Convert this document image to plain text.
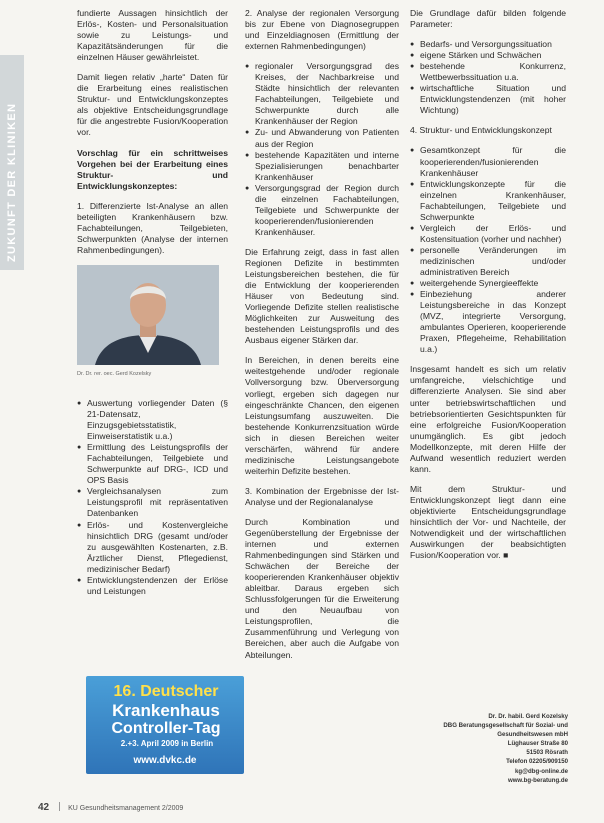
ZUKUNFT DER KLINIKEN

fundierte Aussagen hinsichtlich der Erlös-, Kosten- und Personalsituation sowie zu Leistungs- und Kapazitätsänderungen für die einzelnen Häuser gewährleistet.

Damit liegen relativ „harte“ Daten für die Erarbeitung eines realistischen Struktur- und Entwicklungskonzeptes als objektive Entscheidungsgrundlage für die angestrebte Fusion/Kooperation vor.

Vorschlag für ein schrittweises Vorgehen bei der Erarbeitung eines Struktur- und Entwicklungskonzeptes:

1. Differenzierte Ist-Analyse an allen beteiligten Krankenhäusern bzw. Fachabteilungen, Teilgebieten, Schwerpunkten (Analyse der internen Rahmenbedingungen).

Dr. Dr. rer. oec. Gerd Kozelsky
● Auswertung vorliegender Daten (§ 21-Datensatz, Einzugsgebietsstatistik, Einweiserstatistik u.a.)
● Ermittlung des Leistungsprofils der Fachabteilungen, Teilgebiete und Schwerpunkte auf DRG-, ICD und OPS Basis
● Vergleichsanalysen zum Leistungsprofil mit repräsentativen Datenbanken
● Erlös- und Kostenvergleiche hinsichtlich DRG (gesamt und/oder zu ausgewählten Kostenarten, z.B. Ärztlicher Dienst, Pflegedienst, medizinischer Bedarf)
● Entwicklungstendenzen der Erlöse und Leistungen

2. Analyse der regionalen Versorgung bis zur Ebene von Diagnosegruppen und Einzeldiagnosen (Ermittlung der externen Rahmenbedingungen)

● regionaler Versorgungsgrad des Kreises, der Nachbarkreise und Städte hinsichtlich der relevanten Fachabteilungen, Teilgebiete und Schwerpunkte durch alle Krankenhäuser der Region
● Zu- und Abwanderung von Patienten aus der Region
● bestehende Kapazitäten und interne Spezialisierungen benachbarter Krankenhäuser
● Versorgungsgrad der Region durch die einzelnen Fachabteilungen, Teilgebiete und Schwerpunkte der kooperierenden/fusionierenden Krankenhäuser.

Die Erfahrung zeigt, dass in fast allen Regionen Defizite in bestimmten Leistungsbereichen bestehen, die für die Entwicklung der kooperierenden Häuser von Bedeutung sind. Vorliegende Defizite stellen realistische Möglichkeiten zur Ausweitung des bestehenden Leistungsprofils und des Ausbaus eigener Stärken dar.

In Bereichen, in denen bereits eine weitestgehende und/oder regionale Vollversorgung bzw. Überversorgung vorliegt, ergeben sich dagegen nur eingeschränkte Chancen, den eigenen Leistungsumfang auszuweiten. Die bestehende Konkurrenzsituation würde sich in diesen Bereichen weiter verschärfen, während für andere medizinische Leistungsangebote weiterhin Defizite bestehen.

3. Kombination der Ergebnisse der Ist-Analyse und der Regionalanalyse

Durch Kombination und Gegenüberstellung der Ergebnisse der internen und externen Rahmenbedingungen sind Stärken und Schwächen der Bereiche der kooperierenden Krankenhäuser objektiv ableitbar. Daraus ergeben sich Schlussfolgerungen für die Erweiterung und den Neuaufbau von Leistungsprofilen, die Zusammenführung und Verlegung von Bereichen, aber auch die Aufgabe von Abteilungen.

Die Grundlage dafür bilden folgende Parameter:

● Bedarfs- und Versorgungssituation
● eigene Stärken und Schwächen
● bestehende Konkurrenz, Wettbewerbssituation u.a.
● wirtschaftliche Situation und Entwicklungstendenzen (mit hoher Wichtung)

4. Struktur- und Entwicklungskonzept

● Gesamtkonzept für die kooperierenden/fusionierenden Krankenhäuser
● Entwicklungskonzepte für die einzelnen Krankenhäuser, Fachabteilungen, Teilgebiete und Schwerpunkte
● Vergleich der Erlös- und Kostensituation (vorher und nachher)
● personelle Veränderungen im medizinischen und/oder administrativen Bereich
● weitergehende Synergieeffekte
● Einbeziehung anderer Leistungsbereiche in das Konzept (MVZ, integrierte Versorgung, ambulantes Operieren, kooperierende Praxen, Pflegeheime, Rehabilitation u.a.)

Insgesamt handelt es sich um relativ umfangreiche, vielschichtige und differenzierte Analysen. Sie sind aber unter betriebswirtschaftlichen und betriebsorientierten Gesichtspunkten für eine erfolgreiche Fusion/Kooperation unumgänglich. Es gibt jedoch Modellkonzepte, mit deren Hilfe der Aufwand wesentlich reduziert werden kann.

Mit dem Struktur- und Entwicklungskonzept liegt dann eine objektivierte Entscheidungsgrundlage hinsichtlich der Vor- und Nachteile, der Notwendigkeit und der wirtschaftlichen Auswirkungen der beabsichtigten Fusion/Kooperation vor. ■

Dr. Dr. habil. Gerd Kozelsky
DBG Beratungsgesellschaft für Sozial- und Gesundheitswesen mbH
Lüghauser Straße 80
51503 Rösrath
Telefon 02205/909150
kg@dbg-online.de
www.bg-beratung.de
16. Deutscher
Krankenhaus
Controller-Tag
2.+3. April 2009 in Berlin
www.dvkc.de
42	KU Gesundheitsmanagement 2/2009
